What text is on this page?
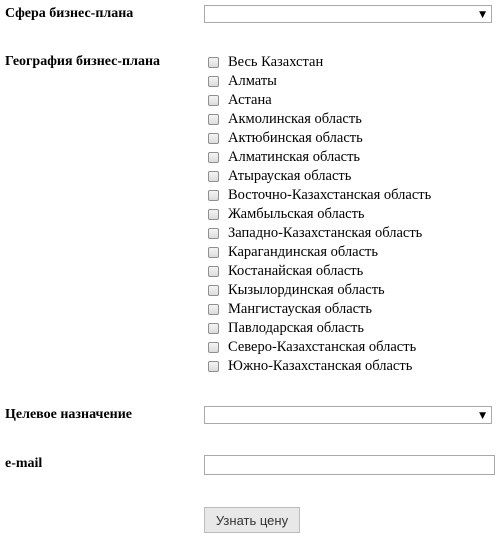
Сфера бизнес-плана	▼
География бизнес-плана	Весь Казахстан
Алматы
Астана
Акмолинская область
Актюбинская область
Алматинская область
Атырауская область
Восточно-Казахстанская область
Жамбыльская область
Западно-Казахстанская область
Карагандинская область
Костанайская область
Кызылординская область
Мангистауская область
Павлодарская область
Северо-Казахстанская область
Южно-Казахстанская область
Целевое назначение	▼
e-mail
Узнать цену
